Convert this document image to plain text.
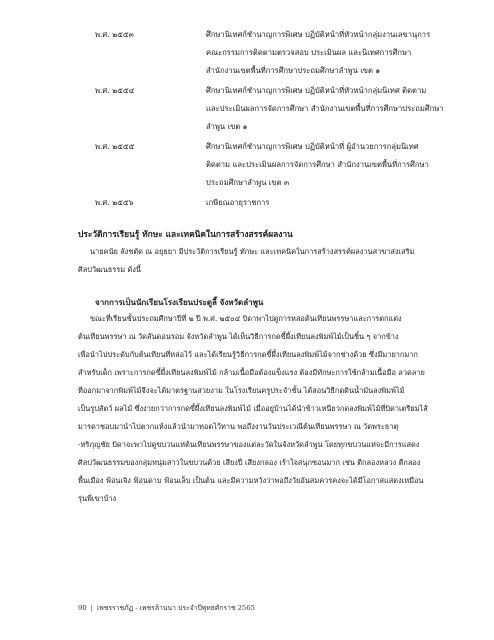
พ.ศ. ๒๕๕๓	ศึกษานิเทศก์ชำนาญการพิเศษ ปฏิบัติหน้าที่หัวหน้ากลุ่มงานเลขานุการ
คณะกรรมการติดตามตรวจสอบ ประเมินผล และนิเทศการศึกษา
สำนักงานเขตพื้นที่การศึกษาประถมศึกษาลำพูน เขต ๑
พ.ศ. ๒๕๕๔	ศึกษานิเทศก์ชำนาญการพิเศษ ปฏิบัติหน้าที่หัวหน้ากลุ่มนิเทศ ติดตาม
และประเมินผลการจัดการศึกษา สำนักงานเขตพื้นที่การศึกษาประถมศึกษา
ลำพูน เขต ๑
พ.ศ. ๒๕๕๕	ศึกษานิเทศก์ชำนาญการพิเศษ ปฏิบัติหน้าที่ ผู้อำนวยการกลุ่มนิเทศ
ติดตาม และประเมินผลการจัดการศึกษา สำนักงานเขตพื้นที่การศึกษา
ประถมศึกษาลำพูน เขต ๓
พ.ศ. ๒๕๕๖	เกษียณอายุราชการ
ประวัติการเรียนรู้ ทักษะ และเทคนิคในการสร้างสรรค์ผลงาน
นายคนัย ลังชตัด ณ อยุธยา มีประวัติการเรียนรู้ ทักษะ และเทคนิคในการสร้างสรรค์ผลงานสาขาส่งเสริม
ศิลปวัฒนธรรม ดังนี้
จากการเป็นนักเรียนโรงเรียนประตูลี้ จังหวัดลำพูน
ขณะที่เรียนชั้นประถมศึกษาปีที่ ๒ ปี พ.ศ. ๒๕๐๔ บิดาพาไปดูการหล่อต้นเทียนพรรษาและการตกแต่ง
ต้นเทียนพรรษา ณ วัดสันดอนรอม จังหวัดลำพูน ได้เห็นวิธีการกดขี้ผึ้งเทียนลงพิมพ์ไม้เป็นชิ้น ๆ จากข้าง
เพื่อนำไปประดับกับต้นเทียนที่หล่อไว้ และได้เรียนรู้วิธีการกดขี้ผึ้งเทียนลงพิมพ์ไม้จากช่างด้วย ซึ่งมีมายากมาก
สำหรับเด็ก เพราะการกดขี้ผึ้งเทียนลงพิมพ์ไม้ กล้ามเนื้อมือต้องแข็งแรง ต้องมีทักษะการใช้กล้ามเนื้อมือ ลวดลาย
ที่ออกมาจากพิมพ์ไม้จึงจะได้มาตรฐานสวยงาม ในโรงเรียนครูประจำชั้น ได้สอนวิธีกดดินน้ำมันลงพิมพ์ไม้
เป็นรูปสัตว์ ผลไม้ ซึ่งง่ายกว่าการกดขี้ผึ้งเทียนลงพิมพ์ไม้ เมื่ออยู่บ้านได้นำข้าวเหนียวกดลงพิมพ์ไม้ที่บิดาเตรียมไส้
มารดาชอบมานำไปตากแห้งแล้วนำมาทอดไว้ทาน พอถึงงานวันประเวณีต้นเทียนพรรษา ณ วัดพระธาตุ
-หริภุญชัย บิดาจะพาไปดูขบวนแห่ต้นเทียนพรรษาของแต่ละวัดในจังหวัดลำพูน โดยทุกขบวนแห่จะมีการแสดง
ศิลปวัฒนธรรมของกลุ่มหนุ่มสาวในขบวนด้วย เสียงปี่ เสียงกลอง เร้าใจสนุกซอนมาก เช่น ตีกลองหลวง ตีกลอง
พื้นเมือง ฟ้อนเจิง ฟ้อนดาบ ฟ้อนเล็บ เป็นต้น และมีความหวังว่าพอถึงวัยอันสมควรคงจะได้มีโอกาสแสดงเหมือน
รุ่นพี่เขาบ้าง
90 | เพชรราชภัฏ - เพชรล้านนา ประจำปีพุทธศักราช 2565
